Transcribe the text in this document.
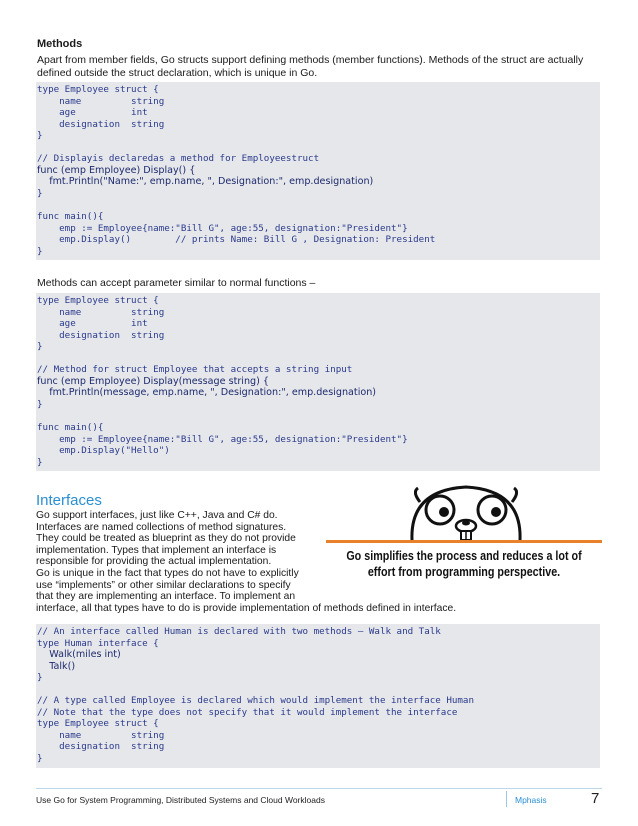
Methods
Apart from member fields, Go structs support defining methods (member functions). Methods of the struct are actually
defined outside the struct declaration, which is unique in Go.
type Employee struct {
name         string
age          int
designation  string
}
// Displayis declaredas a method for Employeestruct
func (emp Employee) Display() {
fmt.Println("Name:", emp.name, ", Designation:", emp.designation)
}
func main(){
emp := Employee{name:"Bill G", age:55, designation:"President"}
emp.Display()        // prints Name: Bill G , Designation: President
}
Methods can accept parameter similar to normal functions –
type Employee struct {
name         string
age          int
designation  string
}
// Method for struct Employee that accepts a string input
func (emp Employee) Display(message string) {
fmt.Println(message, emp.name, ", Designation:", emp.designation)
}
func main(){
emp := Employee{name:"Bill G", age:55, designation:"President"}
emp.Display("Hello")
}
Interfaces
Go support interfaces, just like C++, Java and C# do.
Interfaces are named collections of method signatures.
They could be treated as blueprint as they do not provide
implementation. Types that implement an interface is
responsible for providing the actual implementation.
Go is unique in the fact that types do not have to explicitly
use “implements” or other similar declarations to specify
that they are implementing an interface. To implement an
interface, all that types have to do is provide implementation of methods defined in interface.
Go simplifies the process and reduces a lot of
effort from programming perspective.
// An interface called Human is declared with two methods – Walk and Talk
type Human interface {
Walk(miles int)
Talk()
}
// A type called Employee is declared which would implement the interface Human
// Note that the type does not specify that it would implement the interface
type Employee struct {
name         string
designation  string
}
Use Go for System Programming, Distributed Systems and Cloud Workloads	Mphasis	7
